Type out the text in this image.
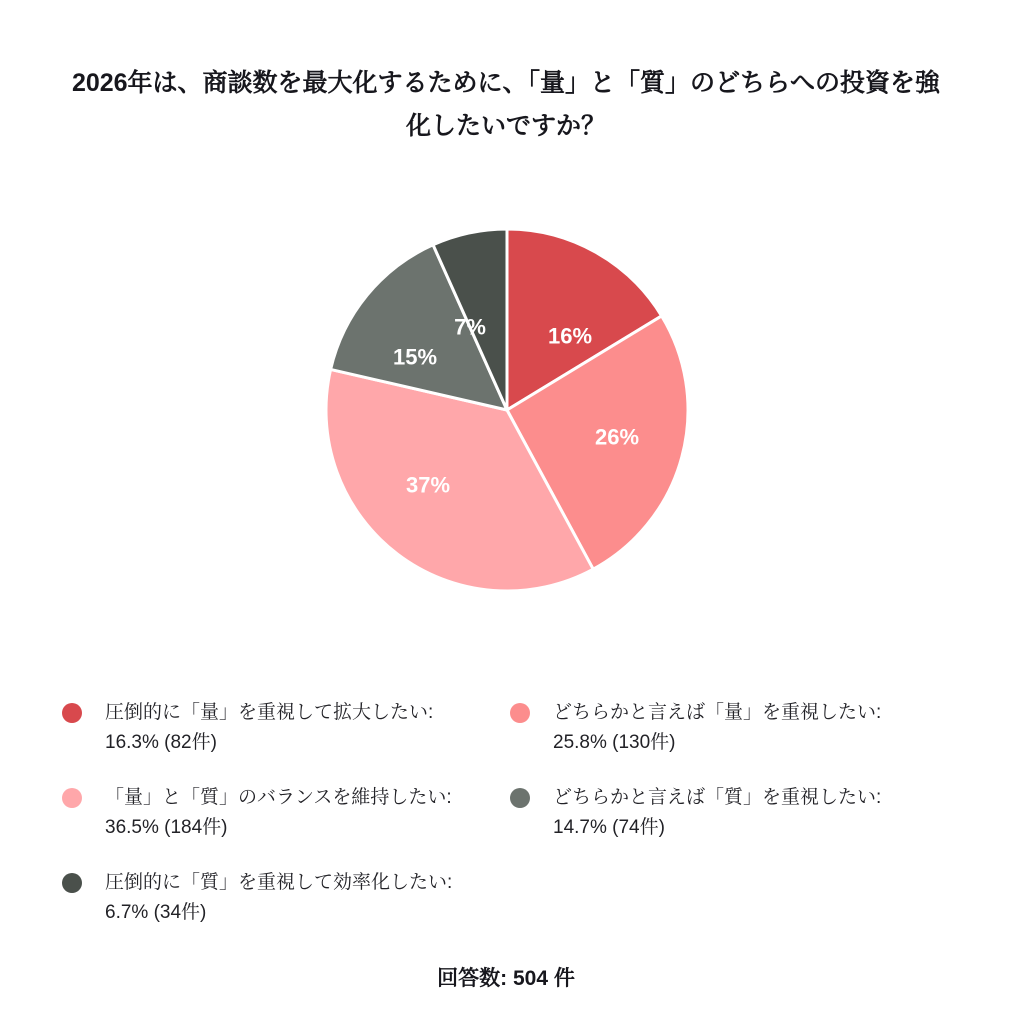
2026年は、商談数を最大化するために、「量」と「質」のどちらへの投資を強化したいですか？
16%
26%
37%
15%
7%
圧倒的に「量」を重視して拡大したい:
16.3% (82件)
どちらかと言えば「量」を重視したい:
25.8% (130件)
「量」と「質」のバランスを維持したい:
36.5% (184件)
どちらかと言えば「質」を重視したい:
14.7% (74件)
圧倒的に「質」を重視して効率化したい:
6.7% (34件)
回答数: 504 件
